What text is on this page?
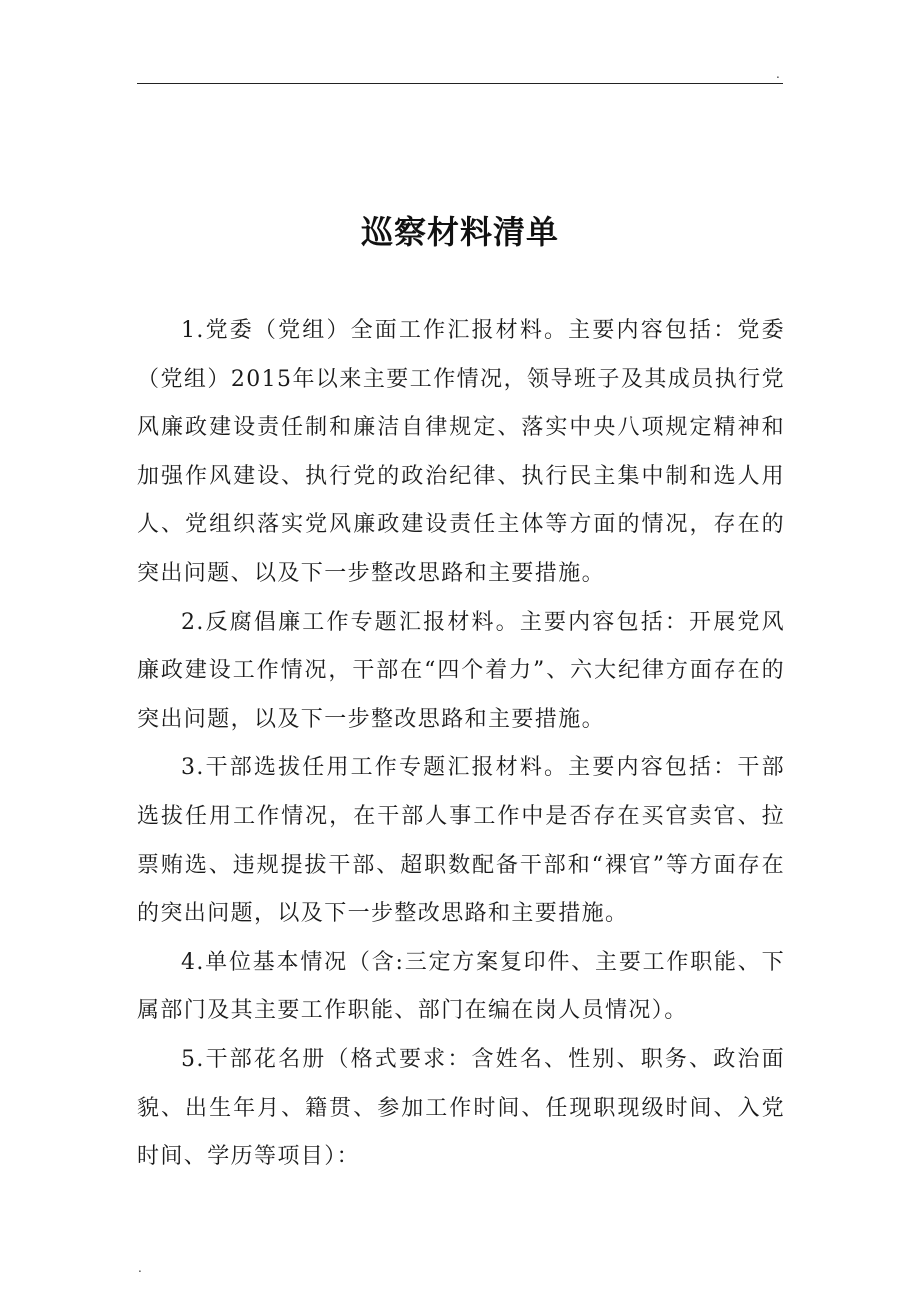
.
巡察材料清单

1.党委（党组）全面工作汇报材料。主要内容包括：党委（党组）2015年以来主要工作情况，领导班子及其成员执行党风廉政建设责任制和廉洁自律规定、落实中央八项规定精神和加强作风建设、执行党的政治纪律、执行民主集中制和选人用人、党组织落实党风廉政建设责任主体等方面的情况，存在的突出问题、以及下一步整改思路和主要措施。

2.反腐倡廉工作专题汇报材料。主要内容包括：开展党风廉政建设工作情况，干部在“四个着力”、六大纪律方面存在的突出问题，以及下一步整改思路和主要措施。

3.干部选拔任用工作专题汇报材料。主要内容包括：干部选拔任用工作情况，在干部人事工作中是否存在买官卖官、拉票贿选、违规提拔干部、超职数配备干部和“裸官”等方面存在的突出问题，以及下一步整改思路和主要措施。

4.单位基本情况（含:三定方案复印件、主要工作职能、下属部门及其主要工作职能、部门在编在岗人员情况）。

5.干部花名册（格式要求：含姓名、性别、职务、政治面貌、出生年月、籍贯、参加工作时间、任现职现级时间、入党时间、学历等项目）：

.
